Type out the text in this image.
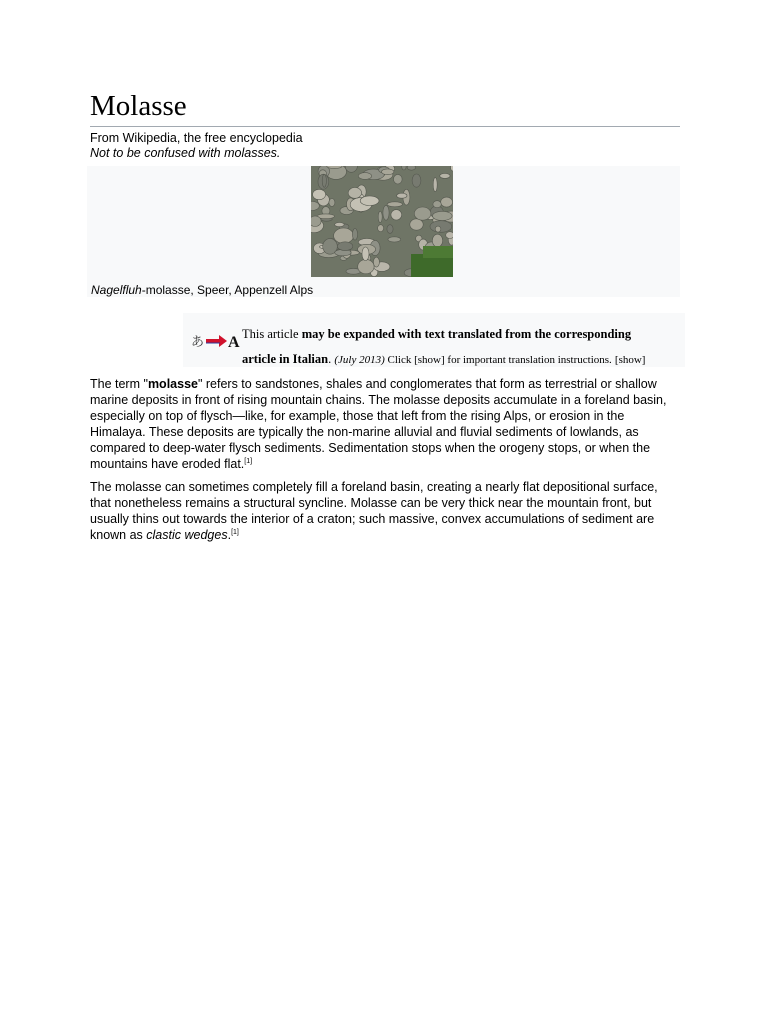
Molasse
From Wikipedia, the free encyclopedia
Not to be confused with molasses.
Nagelfluh-molasse, Speer, Appenzell Alps
あ A This article may be expanded with text translated from the corresponding article in Italian. (July 2013) Click [show] for important translation instructions. [show]

The term "molasse" refers to sandstones, shales and conglomerates that form as terrestrial or shallow marine deposits in front of rising mountain chains. The molasse deposits accumulate in a foreland basin, especially on top of flysch—like, for example, those that left from the rising Alps, or erosion in the Himalaya. These deposits are typically the non-marine alluvial and fluvial sediments of lowlands, as compared to deep-water flysch sediments. Sedimentation stops when the orogeny stops, or when the mountains have eroded flat.[1]

The molasse can sometimes completely fill a foreland basin, creating a nearly flat depositional surface, that nonetheless remains a structural syncline. Molasse can be very thick near the mountain front, but usually thins out towards the interior of a craton; such massive, convex accumulations of sediment are known as clastic wedges.[1]
